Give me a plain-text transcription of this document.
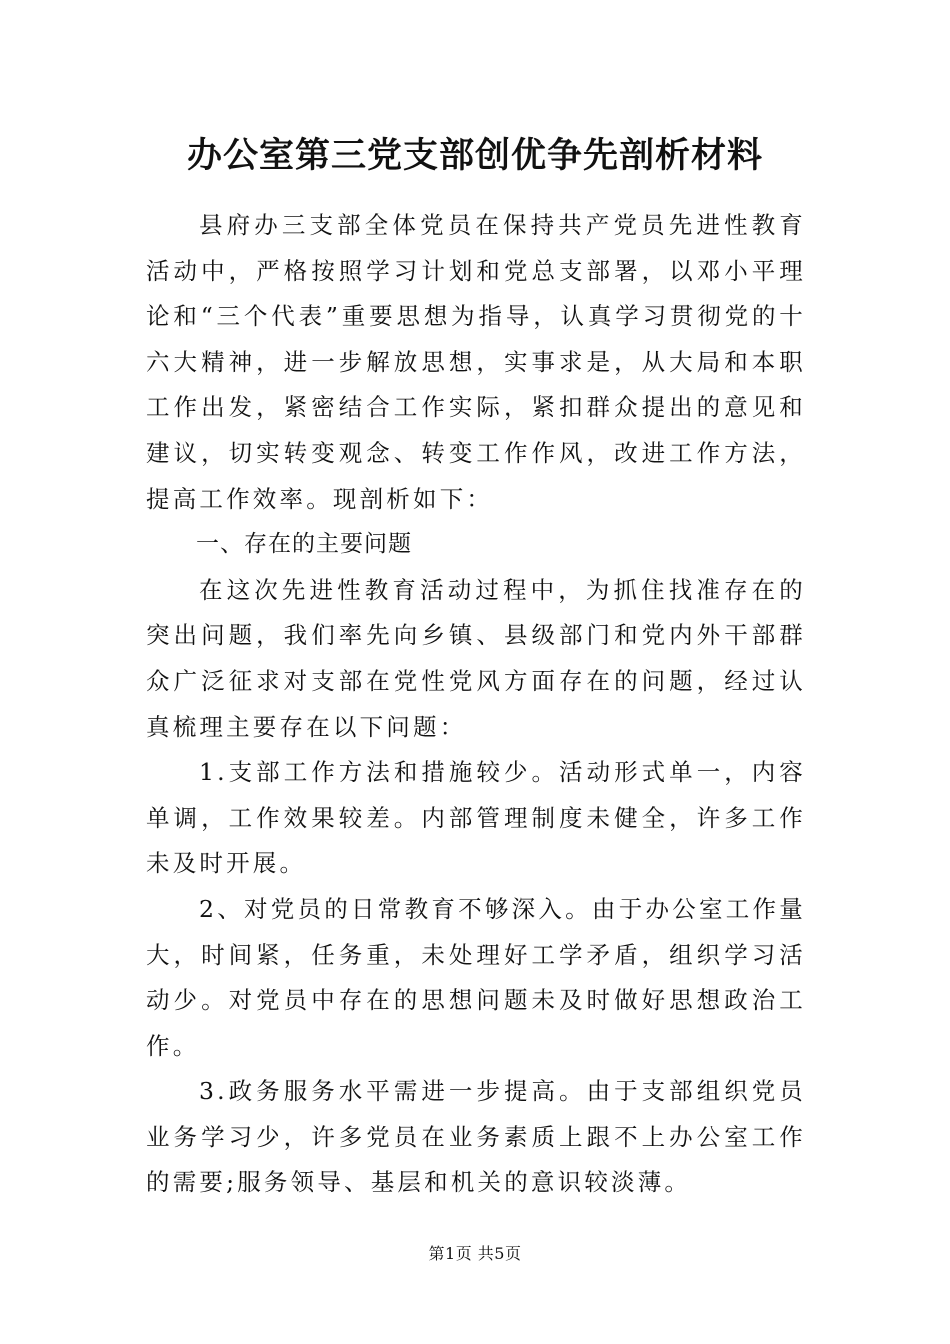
办公室第三党支部创优争先剖析材料

县府办三支部全体党员在保持共产党员先进性教育活动中，严格按照学习计划和党总支部署，以邓小平理论和“三个代表”重要思想为指导，认真学习贯彻党的十六大精神，进一步解放思想，实事求是，从大局和本职工作出发，紧密结合工作实际，紧扣群众提出的意见和建议，切实转变观念、转变工作作风，改进工作方法，提高工作效率。现剖析如下：

一、存在的主要问题

在这次先进性教育活动过程中，为抓住找准存在的突出问题，我们率先向乡镇、县级部门和党内外干部群众广泛征求对支部在党性党风方面存在的问题，经过认真梳理主要存在以下问题：

1.支部工作方法和措施较少。活动形式单一，内容单调，工作效果较差。内部管理制度未健全，许多工作未及时开展。

2、对党员的日常教育不够深入。由于办公室工作量大，时间紧，任务重，未处理好工学矛盾，组织学习活动少。对党员中存在的思想问题未及时做好思想政治工作。

3.政务服务水平需进一步提高。由于支部组织党员业务学习少，许多党员在业务素质上跟不上办公室工作的需要;服务领导、基层和机关的意识较淡薄。

第1页 共5页
